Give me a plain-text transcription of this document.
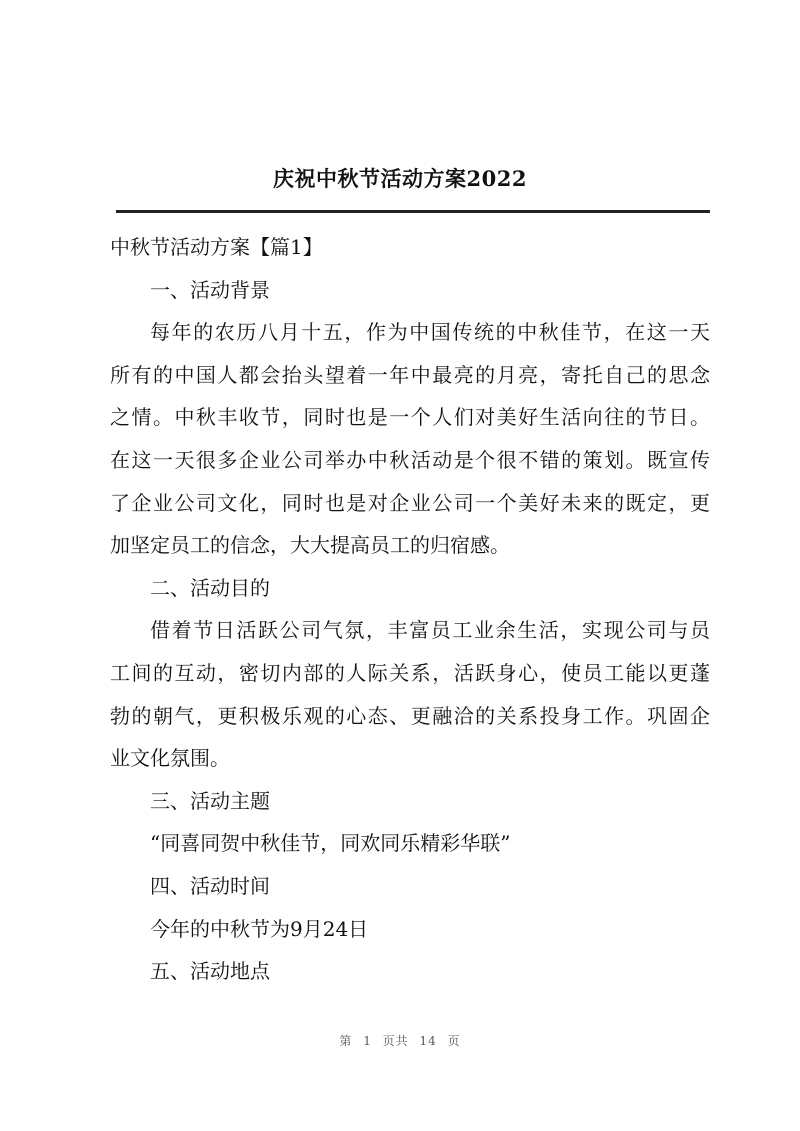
庆祝中秋节活动方案2022
中秋节活动方案【篇1】
一、活动背景
每年的农历八月十五，作为中国传统的中秋佳节，在这一天
所有的中国人都会抬头望着一年中最亮的月亮，寄托自己的思念
之情。中秋丰收节，同时也是一个人们对美好生活向往的节日。
在这一天很多企业公司举办中秋活动是个很不错的策划。既宣传
了企业公司文化，同时也是对企业公司一个美好未来的既定，更
加坚定员工的信念，大大提高员工的归宿感。
二、活动目的
借着节日活跃公司气氛，丰富员工业余生活，实现公司与员
工间的互动，密切内部的人际关系，活跃身心，使员工能以更蓬
勃的朝气，更积极乐观的心态、更融洽的关系投身工作。巩固企
业文化氛围。
三、活动主题
“同喜同贺中秋佳节，同欢同乐精彩华联”
四、活动时间
今年的中秋节为9月24日
五、活动地点
第 1 页共 14 页
